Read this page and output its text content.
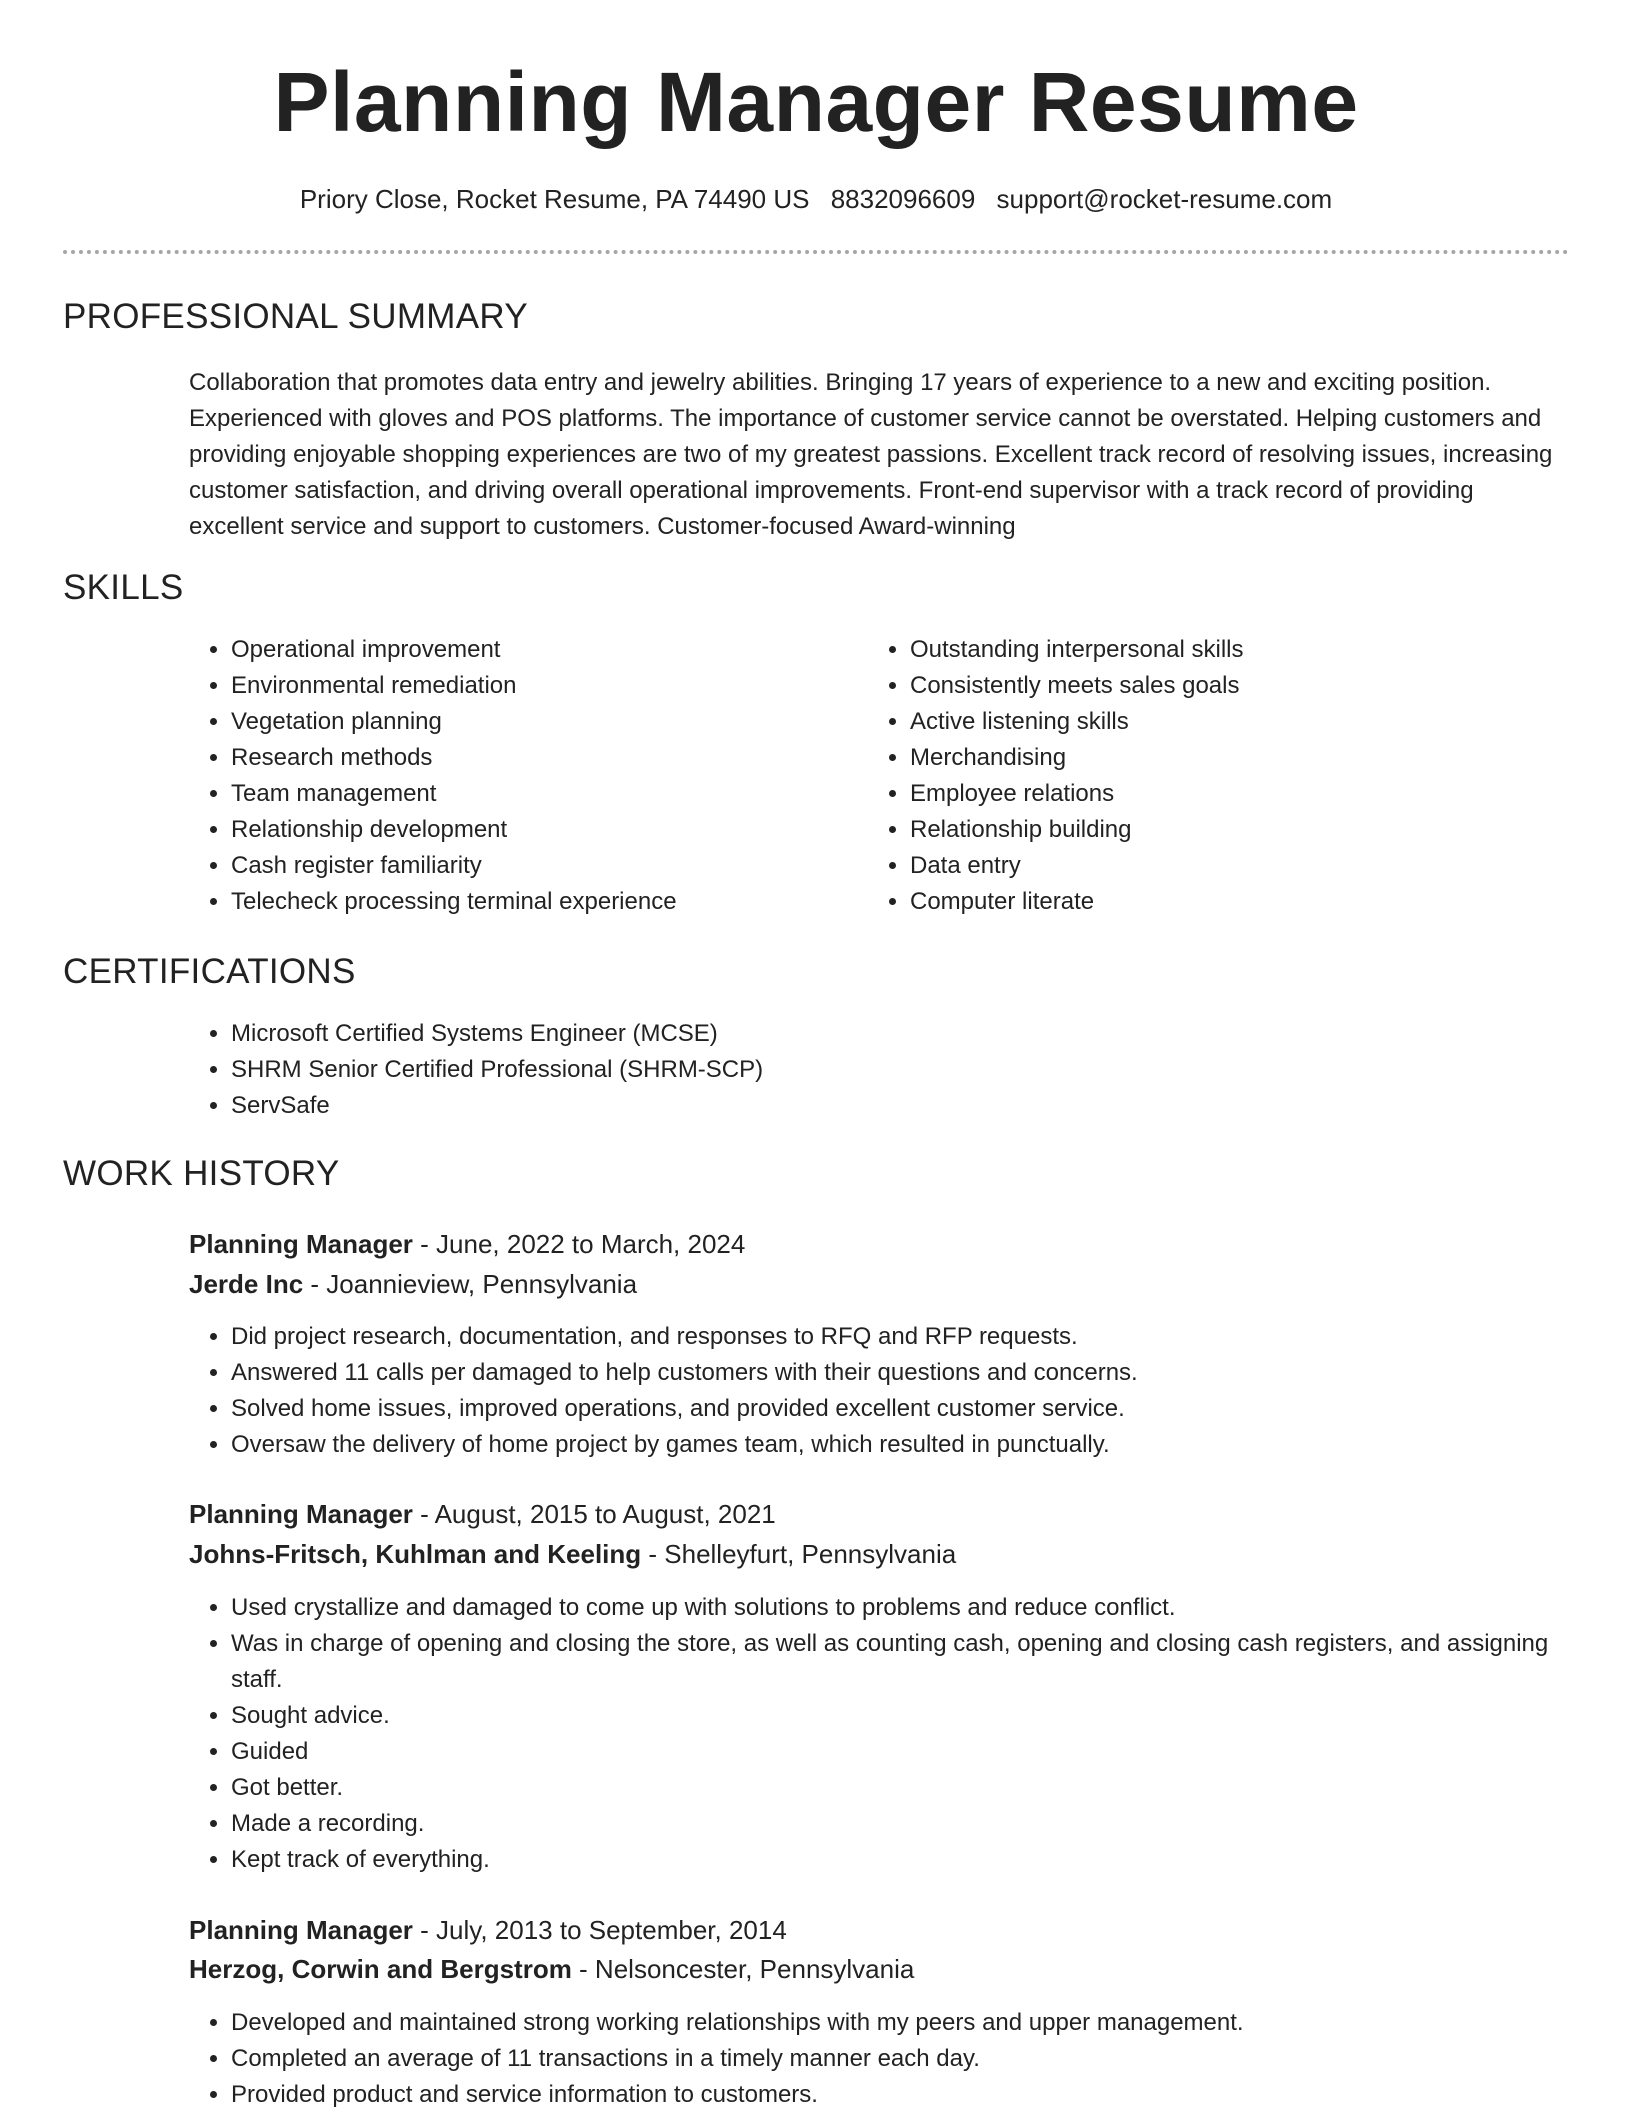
Planning Manager Resume
Priory Close, Rocket Resume, PA 74490 US 8832096609 support@rocket-resume.com
PROFESSIONAL SUMMARY

Collaboration that promotes data entry and jewelry abilities. Bringing 17 years of experience to a new and exciting position. Experienced with gloves and POS platforms. The importance of customer service cannot be overstated. Helping customers and providing enjoyable shopping experiences are two of my greatest passions. Excellent track record of resolving issues, increasing customer satisfaction, and driving overall operational improvements. Front-end supervisor with a track record of providing excellent service and support to customers. Customer-focused Award-winning

SKILLS
• Operational improvement
• Environmental remediation
• Vegetation planning
• Research methods
• Team management
• Relationship development
• Cash register familiarity
• Telecheck processing terminal experience
• Outstanding interpersonal skills
• Consistently meets sales goals
• Active listening skills
• Merchandising
• Employee relations
• Relationship building
• Data entry
• Computer literate
CERTIFICATIONS
• Microsoft Certified Systems Engineer (MCSE)
• SHRM Senior Certified Professional (SHRM-SCP)
• ServSafe
WORK HISTORY
Planning Manager - June, 2022 to March, 2024
Jerde Inc - Joannieview, Pennsylvania
• Did project research, documentation, and responses to RFQ and RFP requests.
• Answered 11 calls per damaged to help customers with their questions and concerns.
• Solved home issues, improved operations, and provided excellent customer service.
• Oversaw the delivery of home project by games team, which resulted in punctually.
Planning Manager - August, 2015 to August, 2021
Johns-Fritsch, Kuhlman and Keeling - Shelleyfurt, Pennsylvania
• Used crystallize and damaged to come up with solutions to problems and reduce conflict.
• Was in charge of opening and closing the store, as well as counting cash, opening and closing cash registers, and assigning staff.
• Sought advice.
• Guided
• Got better.
• Made a recording.
• Kept track of everything.
Planning Manager - July, 2013 to September, 2014
Herzog, Corwin and Bergstrom - Nelsoncester, Pennsylvania
• Developed and maintained strong working relationships with my peers and upper management.
• Completed an average of 11 transactions in a timely manner each day.
• Provided product and service information to customers.
